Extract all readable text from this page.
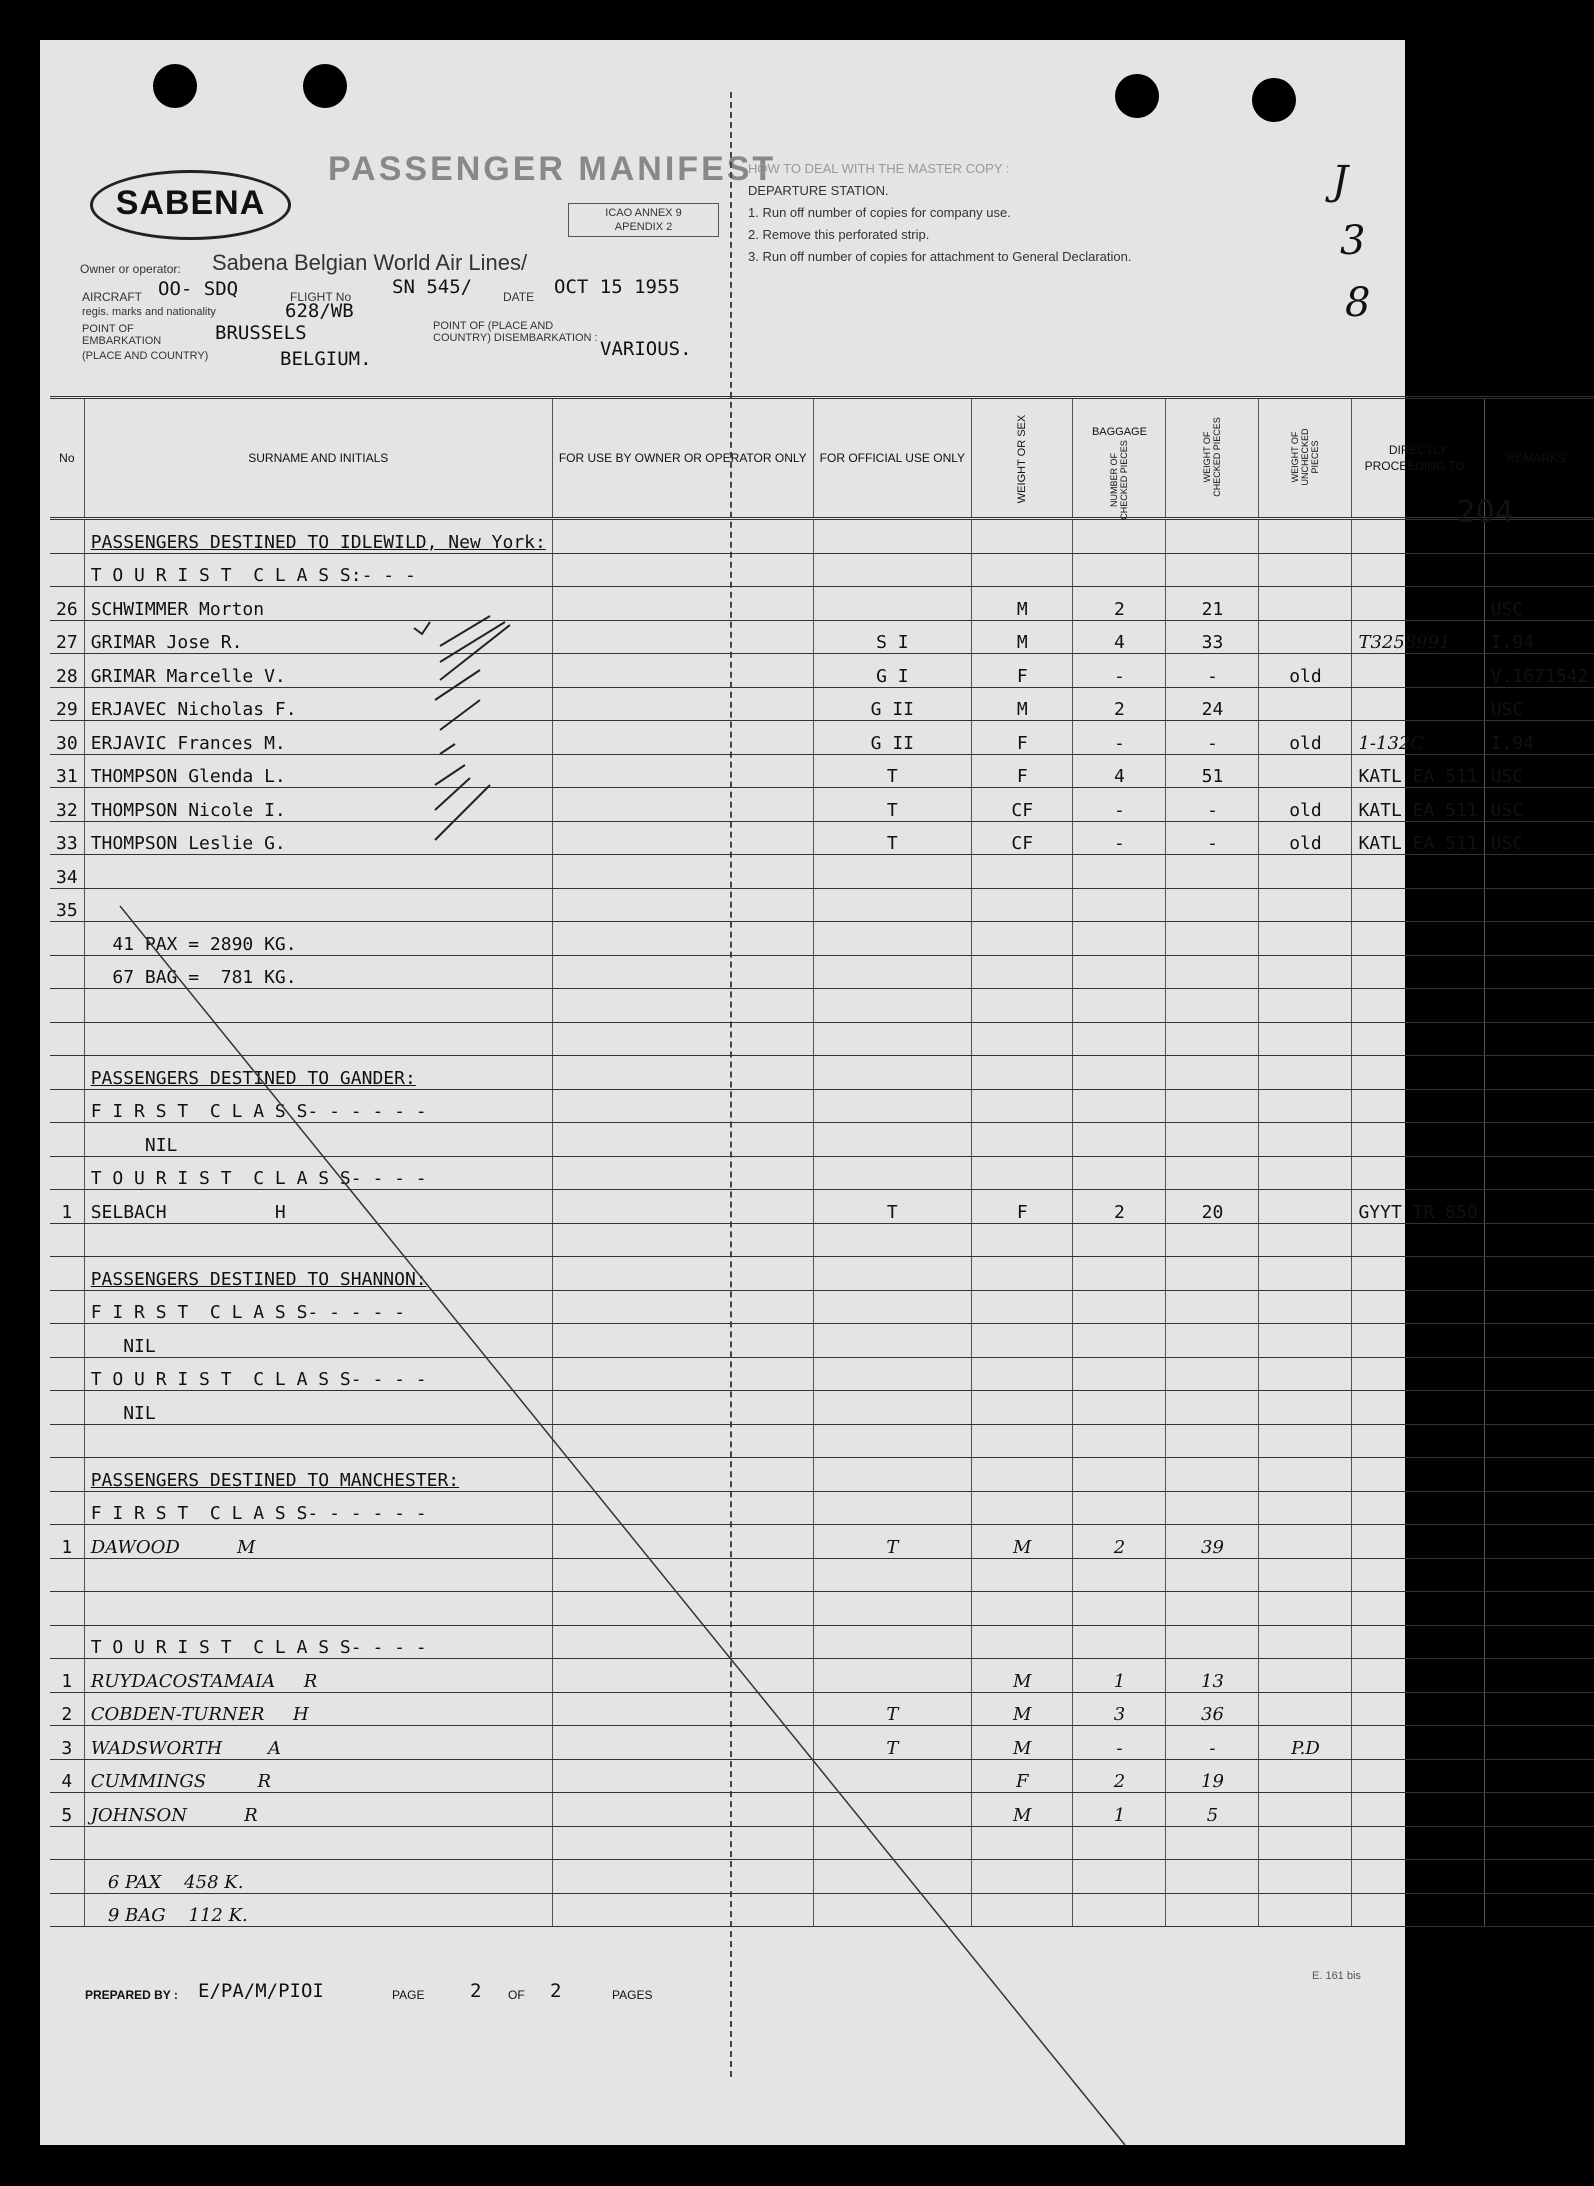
SABENA
PASSENGER MANIFEST
ICAO ANNEX 9
APENDIX 2
HOW TO DEAL WITH THE MASTER COPY :
DEPARTURE STATION.
1. Run off number of copies for company use.
2. Remove this perforated strip.
3. Run off number of copies for attachment to General Declaration.
J
3
8
Owner or operator: Sabena Belgian World Air Lines/
AIRCRAFT OO- SDQ	FLIGHT No SN 545/	DATE OCT 15 1955
regis. marks and nationality	628/WB
POINT OF EMBARKATION	BRUSSELS
(PLACE AND COUNTRY)	BELGIUM.
POINT OF (PLACE AND COUNTRY) DISEMBARKATION : VARIOUS.
No	SURNAME AND INITIALS	FOR USE BY OWNER OR OPERATOR ONLY	FOR OFFICIAL USE ONLY	WEIGHT OR SEX	BAGGAGE
NUMBER OF CHECKED PIECES	WEIGHT OF CHECKED PIECES	WEIGHT OF UNCHECKED PIECES	DIRECTLY PROCEEDING TO :	REMARKS :
204

	PASSENGERS DESTINED TO IDLEWILD, New York:								
	T O U R I S T  C L A S S:- - -								
26	SCHWIMMER Morton			M	2	21			USC
27	GRIMAR Jose R.		S I	M	4	33		T3258991	I.94
28	GRIMAR Marcelle V.		G I	F	-	-	old		V.1671542
29	ERJAVEC Nicholas F.		G II	M	2	24			USC
30	ERJAVIC Frances M.		G II	F	-	-	old	1-132C	I.94
31	THOMPSON Glenda L.		T	F	4	51		KATL EA 511	USC
32	THOMPSON Nicole I.		T	CF	-	-	old	KATL EA 511	USC
33	THOMPSON Leslie G.		T	CF	-	-	old	KATL EA 511	USC
34									
35									
	41 PAX = 2890 KG.								
	67 BAG =  781 KG.								

	PASSENGERS DESTINED TO GANDER:								
	F I R S T  C L A S S- - - - - -								
	NIL								
	T O U R I S T  C L A S S- - - -								
1	SELBACH          H		T	F	2	20		GYYT TR 850	

	PASSENGERS DESTINED TO SHANNON:								
	F I R S T  C L A S S- - - - -								
	NIL								
	T O U R I S T  C L A S S- - - -								
	NIL								

	PASSENGERS DESTINED TO MANCHESTER:								
	F I R S T  C L A S S- - - - - -								
1	DAWOOD          M		T	M	2	39			

	T O U R I S T  C L A S S- - - -								
1	RUYDACOSTAMAIA     R			M	1	13			
2	COBDEN-TURNER     H		T	M	3	36			
3	WADSWORTH        A		T	M	-	-	P.D		
4	CUMMINGS         R			F	2	19			
5	JOHNSON          R			M	1	5			

	6 PAX    458 K.								
	9 BAG    112 K.								
PREPARED BY : E/PA/M/PIOI	PAGE 2 OF 2	PAGES
E. 161 bis
